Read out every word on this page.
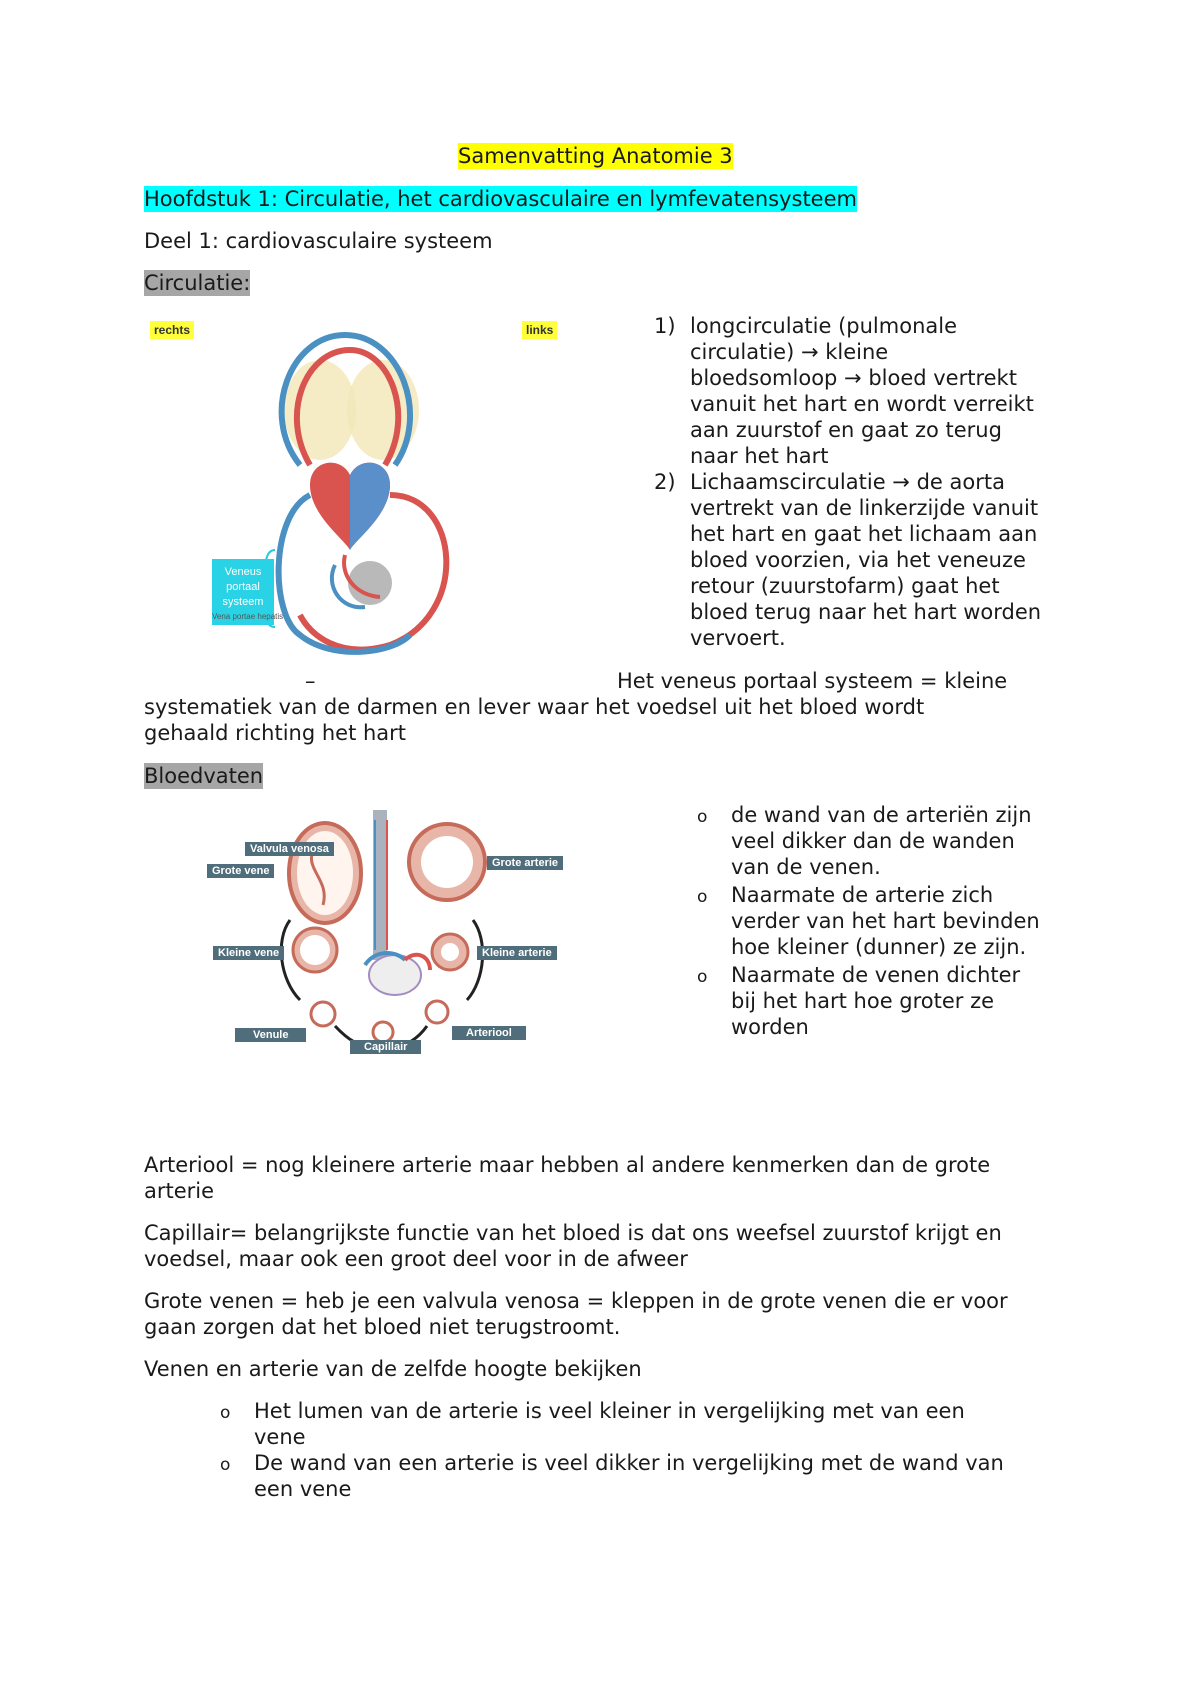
Samenvatting Anatomie 3
Hoofdstuk 1: Circulatie, het cardiovasculaire en lymfevatensysteem
Deel 1: cardiovasculaire systeem
Circulatie:
rechts	links
Veneus
portaal
systeem
Vena portae hepatis
1) longcirculatie (pulmonale
circulatie) → kleine
bloedsomloop → bloed vertrekt
vanuit het hart en wordt verreikt
aan zuurstof en gaat zo terug
naar het hart
2) Lichaamscirculatie → de aorta
vertrekt van de linkerzijde vanuit
het hart en gaat het lichaam aan
bloed voorzien, via het veneuze
retour (zuurstofarm) gaat het
bloed terug naar het hart worden
vervoert.
–	Het veneus portaal systeem = kleine
systematiek van de darmen en lever waar het voedsel uit het bloed wordt
gehaald richting het hart
Bloedvaten
Valvula venosa
Grote vene
Grote arterie
Kleine vene	Kleine arterie
Venule
Capillair
Arteriool
o de wand van de arteriën zijn
veel dikker dan de wanden
van de venen.
o Naarmate de arterie zich
verder van het hart bevinden
hoe kleiner (dunner) ze zijn.
o Naarmate de venen dichter
bij het hart hoe groter ze
worden
Arteriool = nog kleinere arterie maar hebben al andere kenmerken dan de grote
arterie
Capillair= belangrijkste functie van het bloed is dat ons weefsel zuurstof krijgt en
voedsel, maar ook een groot deel voor in de afweer
Grote venen = heb je een valvula venosa = kleppen in de grote venen die er voor
gaan zorgen dat het bloed niet terugstroomt.
Venen en arterie van de zelfde hoogte bekijken
o Het lumen van de arterie is veel kleiner in vergelijking met van een
vene
o De wand van een arterie is veel dikker in vergelijking met de wand van
een vene
